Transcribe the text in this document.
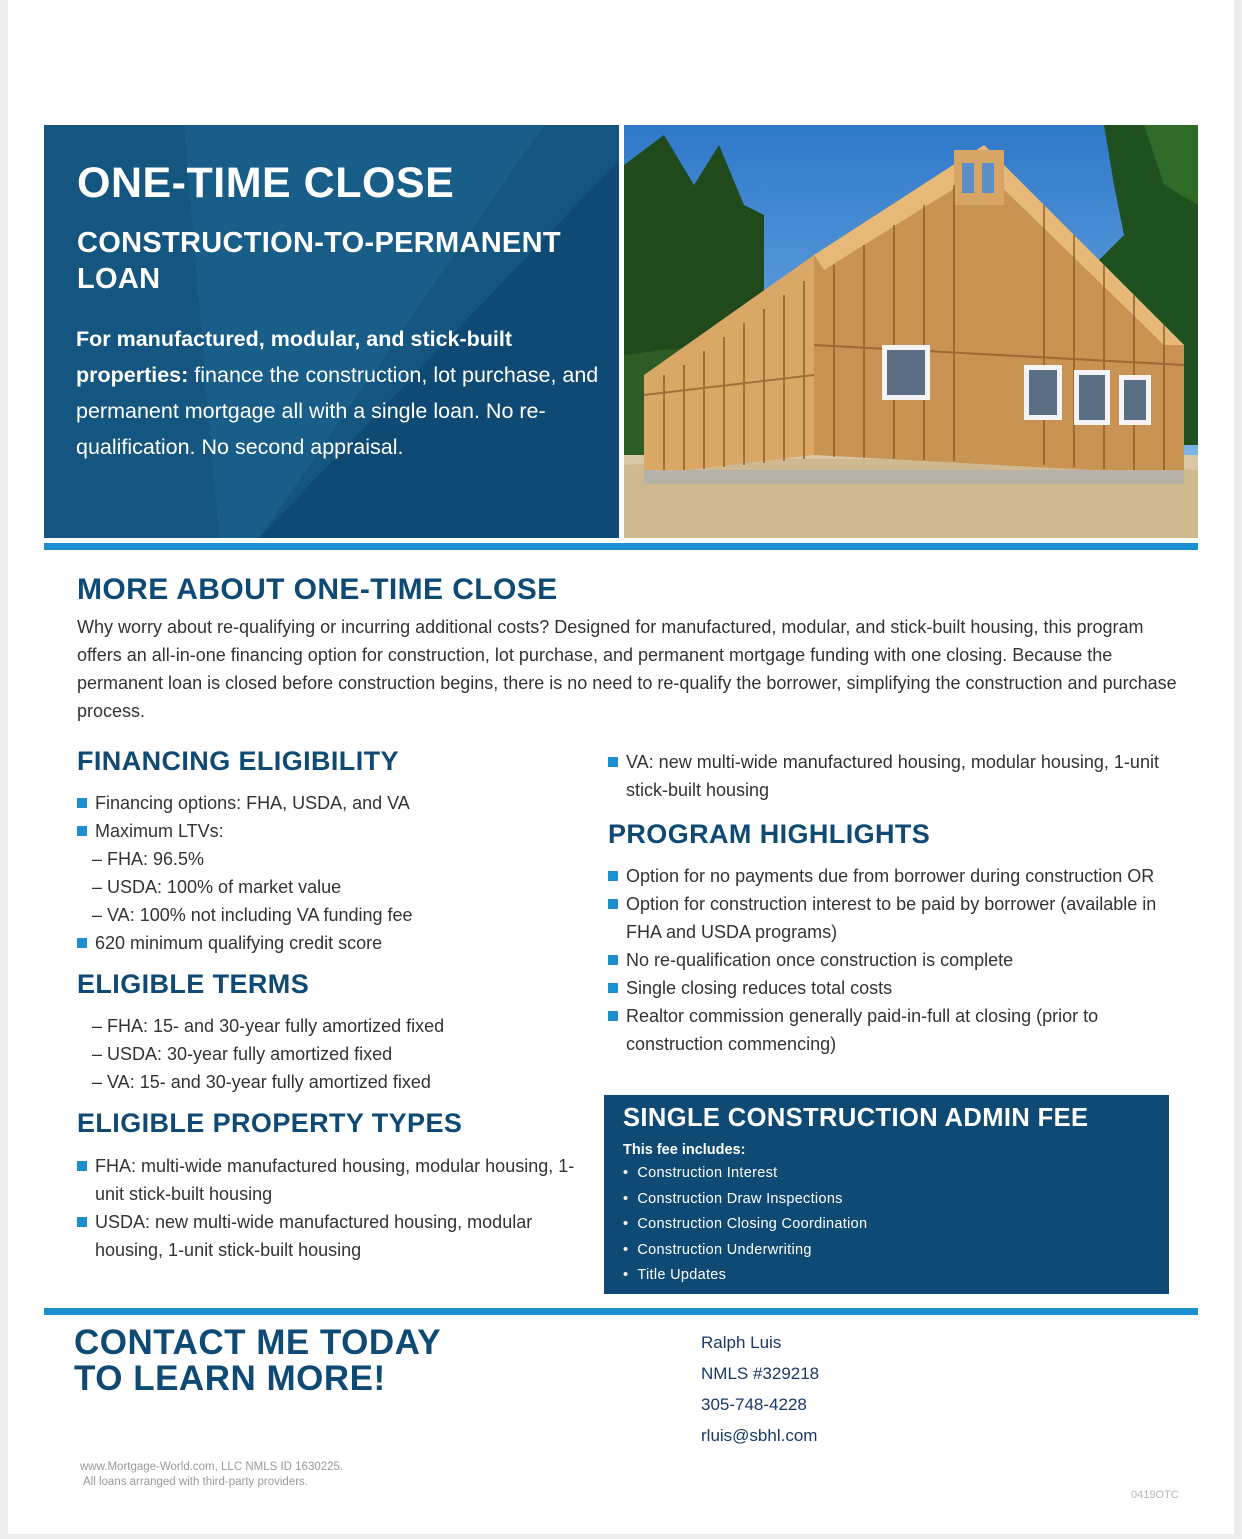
ONE-TIME CLOSE
CONSTRUCTION-TO-PERMANENT LOAN
For manufactured, modular, and stick-built properties: finance the construction, lot purchase, and permanent mortgage all with a single loan. No re-qualification. No second appraisal.
MORE ABOUT ONE-TIME CLOSE
Why worry about re-qualifying or incurring additional costs? Designed for manufactured, modular, and stick-built housing, this program offers an all-in-one financing option for construction, lot purchase, and permanent mortgage funding with one closing. Because the permanent loan is closed before construction begins, there is no need to re-qualify the borrower, simplifying the construction and purchase process.
FINANCING ELIGIBILITY
Financing options: FHA, USDA, and VA
Maximum LTVs:
– FHA: 96.5%
– USDA: 100% of market value
– VA: 100% not including VA funding fee
620 minimum qualifying credit score
ELIGIBLE TERMS
– FHA: 15- and 30-year fully amortized fixed
– USDA: 30-year fully amortized fixed
– VA: 15- and 30-year fully amortized fixed
ELIGIBLE PROPERTY TYPES
FHA: multi-wide manufactured housing, modular housing, 1-unit stick-built housing
USDA: new multi-wide manufactured housing, modular housing, 1-unit stick-built housing
VA: new multi-wide manufactured housing, modular housing, 1-unit stick-built housing
PROGRAM HIGHLIGHTS
Option for no payments due from borrower during construction OR
Option for construction interest to be paid by borrower (available in FHA and USDA programs)
No re-qualification once construction is complete
Single closing reduces total costs
Realtor commission generally paid-in-full at closing (prior to construction commencing)
SINGLE CONSTRUCTION ADMIN FEE
This fee includes:
• Construction Interest
• Construction Draw Inspections
• Construction Closing Coordination
• Construction Underwriting
• Title Updates
CONTACT ME TODAY
TO LEARN MORE!
Ralph Luis
NMLS #329218
305-748-4228
rluis@sbhl.com
www.Mortgage-World.com, LLC NMLS ID 1630225.
All loans arranged with third-party providers.
0419OTC
